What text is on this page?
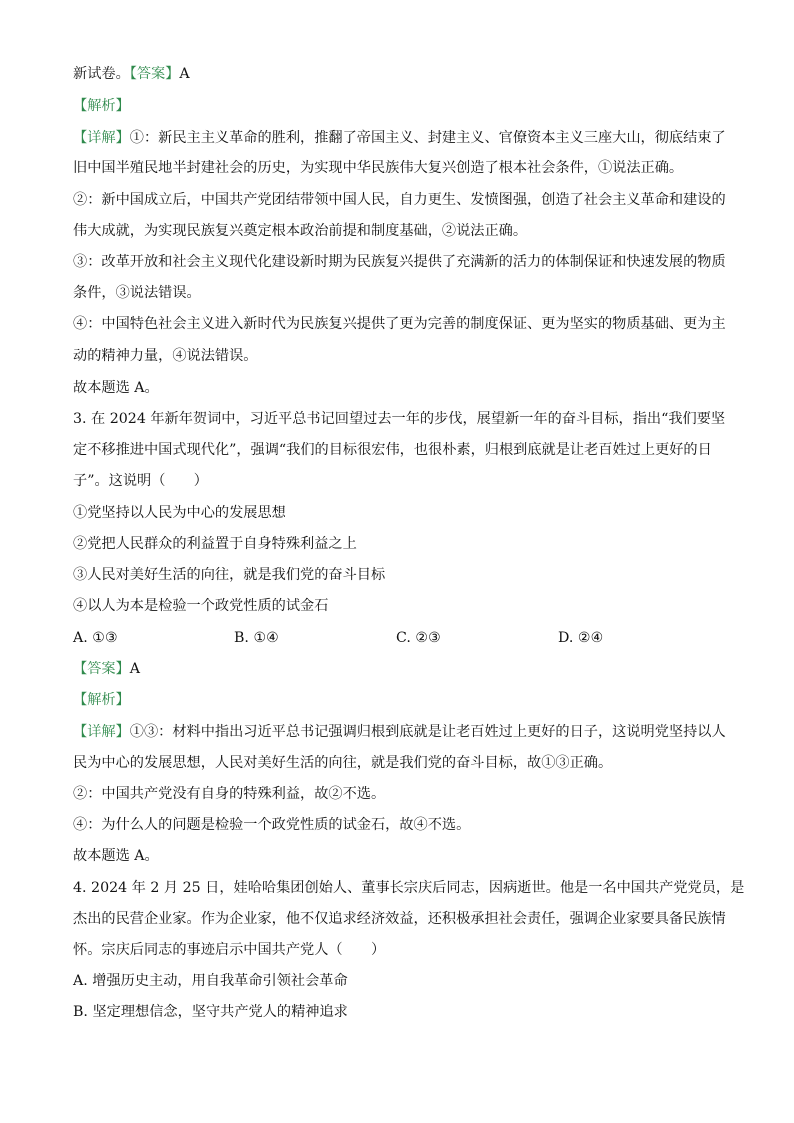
新试卷。【答案】A
【解析】
【详解】①：新民主主义革命的胜利，推翻了帝国主义、封建主义、官僚资本主义三座大山，彻底结束了
旧中国半殖民地半封建社会的历史，为实现中华民族伟大复兴创造了根本社会条件，①说法正确。
②：新中国成立后，中国共产党团结带领中国人民，自力更生、发愤图强，创造了社会主义革命和建设的
伟大成就，为实现民族复兴奠定根本政治前提和制度基础，②说法正确。
③：改革开放和社会主义现代化建设新时期为民族复兴提供了充满新的活力的体制保证和快速发展的物质
条件，③说法错误。
④：中国特色社会主义进入新时代为民族复兴提供了更为完善的制度保证、更为坚实的物质基础、更为主
动的精神力量，④说法错误。
故本题选 A。
3. 在 2024 年新年贺词中，习近平总书记回望过去一年的步伐，展望新一年的奋斗目标，指出“我们要坚
定不移推进中国式现代化”，强调“我们的目标很宏伟，也很朴素，归根到底就是让老百姓过上更好的日
子”。这说明（　　）
①党坚持以人民为中心的发展思想
②党把人民群众的利益置于自身特殊利益之上
③人民对美好生活的向往，就是我们党的奋斗目标
④以人为本是检验一个政党性质的试金石
A. ①③	B. ①④	C. ②③	D. ②④
【答案】A
【解析】
【详解】①③：材料中指出习近平总书记强调归根到底就是让老百姓过上更好的日子，这说明党坚持以人
民为中心的发展思想，人民对美好生活的向往，就是我们党的奋斗目标，故①③正确。
②：中国共产党没有自身的特殊利益，故②不选。
④：为什么人的问题是检验一个政党性质的试金石，故④不选。
故本题选 A。
4. 2024 年 2 月 25 日，娃哈哈集团创始人、董事长宗庆后同志，因病逝世。他是一名中国共产党党员，是
杰出的民营企业家。作为企业家，他不仅追求经济效益，还积极承担社会责任，强调企业家要具备民族情
怀。宗庆后同志的事迹启示中国共产党人（　　）
A. 增强历史主动，用自我革命引领社会革命
B. 坚定理想信念，坚守共产党人的精神追求
